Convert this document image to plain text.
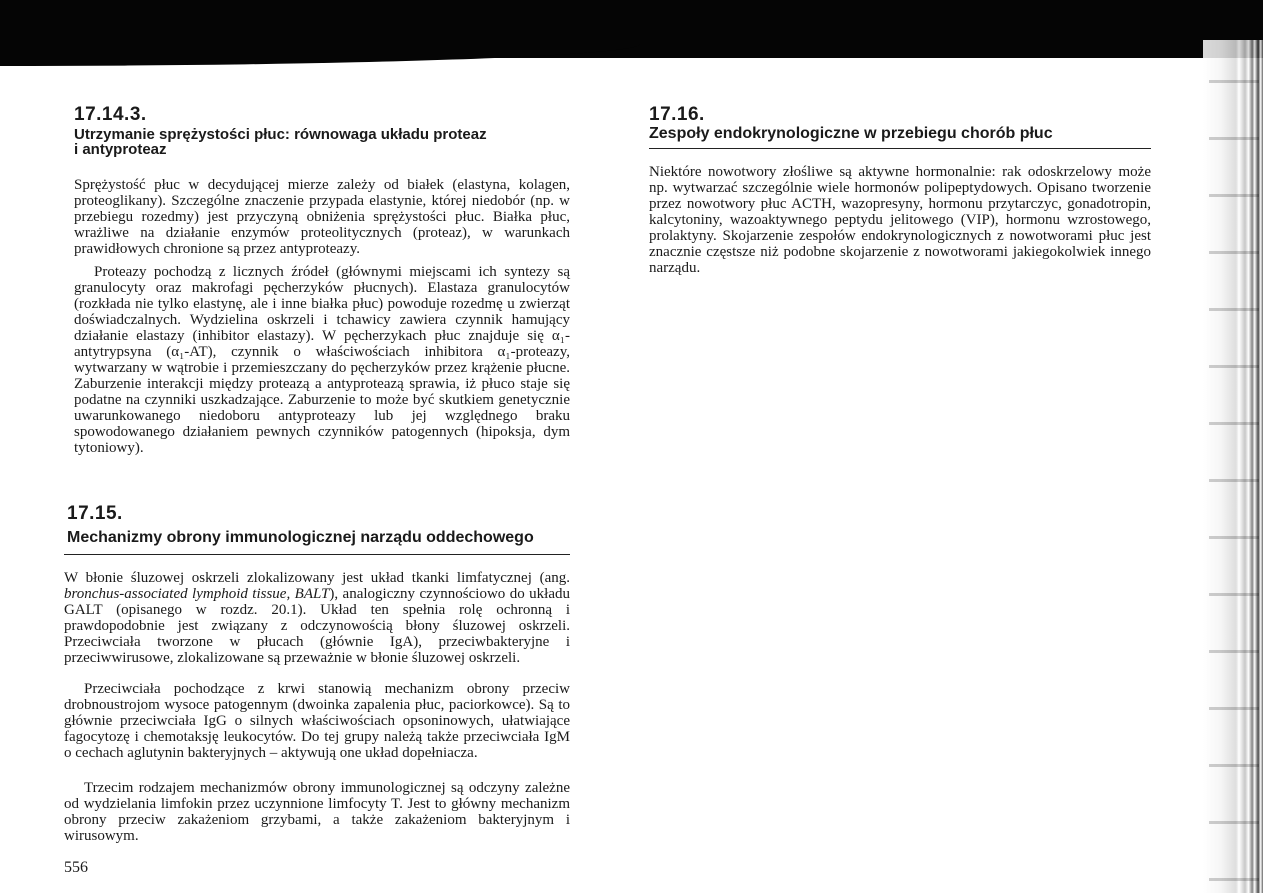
17.14.3.
Utrzymanie sprężystości płuc: równowaga układu proteaz
i antyproteaz

Sprężystość płuc w decydującej mierze zależy od białek (elastyna, kolagen, proteoglikany). Szczególne znaczenie przypada elastynie, której niedobór (np. w przebiegu rozedmy) jest przyczyną obniżenia sprężystości płuc. Białka płuc, wrażliwe na działanie enzymów proteolitycznych (proteaz), w warunkach prawidłowych chronione są przez antyproteazy.

Proteazy pochodzą z licznych źródeł (głównymi miejscami ich syntezy są granulocyty oraz makrofagi pęcherzyków płucnych). Elastaza granulocytów (rozkłada nie tylko elastynę, ale i inne białka płuc) powoduje rozedmę u zwierząt doświadczalnych. Wydzielina oskrzeli i tchawicy zawiera czynnik hamujący działanie elastazy (inhibitor elastazy). W pęcherzykach płuc znajduje się α₁-antytrypsyna (α₁-AT), czynnik o właściwościach inhibitora α₁-proteazy, wytwarzany w wątrobie i przemieszczany do pęcherzyków przez krążenie płucne. Zaburzenie interakcji między proteazą a antyproteazą sprawia, iż płuco staje się podatne na czynniki uszkadzające. Zaburzenie to może być skutkiem genetycznie uwarunkowanego niedoboru antyproteazy lub jej względnego braku spowodowanego działaniem pewnych czynników patogennych (hipoksja, dym tytoniowy).

17.15.
Mechanizmy obrony immunologicznej narządu oddechowego

W błonie śluzowej oskrzeli zlokalizowany jest układ tkanki limfatycznej (ang. bronchus-associated lymphoid tissue, BALT), analogiczny czynnościowo do układu GALT (opisanego w rozdz. 20.1). Układ ten spełnia rolę ochronną i prawdopodobnie jest związany z odczynowością błony śluzowej oskrzeli. Przeciwciała tworzone w płucach (głównie IgA), przeciwbakteryjne i przeciwwirusowe, zlokalizowane są przeważnie w błonie śluzowej oskrzeli.

Przeciwciała pochodzące z krwi stanowią mechanizm obrony przeciw drobnoustrojom wysoce patogennym (dwoinka zapalenia płuc, paciorkowce). Są to głównie przeciwciała IgG o silnych właściwościach opsoninowych, ułatwiające fagocytozę i chemotaksję leukocytów. Do tej grupy należą także przeciwciała IgM o cechach aglutynin bakteryjnych – aktywują one układ dopełniacza.

Trzecim rodzajem mechanizmów obrony immunologicznej są odczyny zależne od wydzielania limfokin przez uczynnione limfocyty T. Jest to główny mechanizm obrony przeciw zakażeniom grzybami, a także zakażeniom bakteryjnym i wirusowym.

556
17.16.
Zespoły endokrynologiczne w przebiegu chorób płuc

Niektóre nowotwory złośliwe są aktywne hormonalnie: rak odoskrzelowy może np. wytwarzać szczególnie wiele hormonów polipeptydowych. Opisano tworzenie przez nowotwory płuc ACTH, wazopresyny, hormonu przytarczyc, gonadotropin, kalcytoniny, wazoaktywnego peptydu jelitowego (VIP), hormonu wzrostowego, prolaktyny. Skojarzenie zespołów endokrynologicznych z nowotworami płuc jest znacznie częstsze niż podobne skojarzenie z nowotworami jakiegokolwiek innego narządu.
